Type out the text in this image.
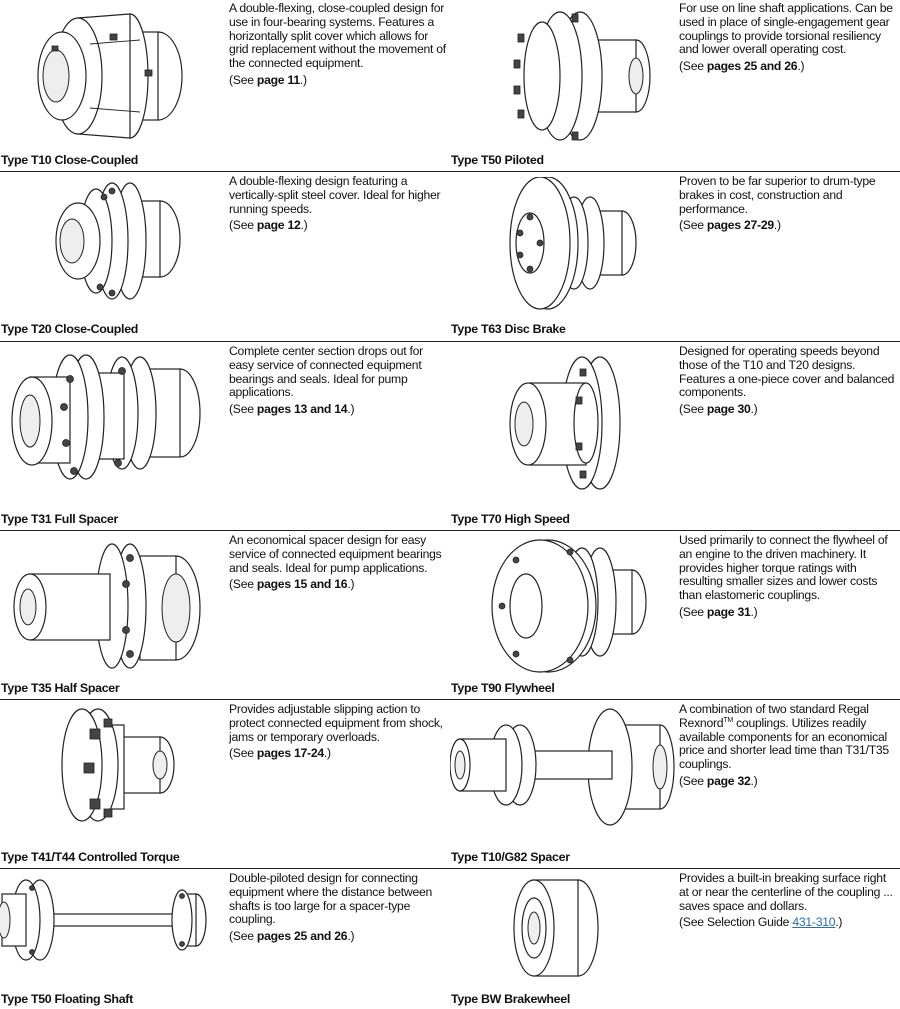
A double-flexing, close-coupled design for use in four-bearing systems. Features a horizontally split cover which allows for grid replacement without the movement of the connected equipment.

(See page 11.)

Type T10 Close-Coupled

A double-flexing design featuring a vertically-split steel cover. Ideal for higher running speeds.

(See page 12.)

Type T20 Close-Coupled

Complete center section drops out for easy service of connected equipment bearings and seals. Ideal for pump applications.

(See pages 13 and 14.)

Type T31 Full Spacer

An economical spacer design for easy service of connected equipment bearings and seals. Ideal for pump applications.

(See pages 15 and 16.)

Type T35 Half Spacer

Provides adjustable slipping action to protect connected equipment from shock, jams or temporary overloads.

(See pages 17-24.)

Type T41/T44 Controlled Torque

Double-piloted design for connecting equipment where the distance between shafts is too large for a spacer-type coupling.

(See pages 25 and 26.)

Type T50 Floating Shaft

For use on line shaft applications. Can be used in place of single-engagement gear couplings to provide torsional resiliency and lower overall operating cost.

(See pages 25 and 26.)

Type T50 Piloted

Proven to be far superior to drum-type brakes in cost, construction and performance.

(See pages 27-29.)

Type T63 Disc Brake

Designed for operating speeds beyond those of the T10 and T20 designs. Features a one-piece cover and balanced components.

(See page 30.)

Type T70 High Speed

Used primarily to connect the flywheel of an engine to the driven machinery. It provides higher torque ratings with resulting smaller sizes and lower costs than elastomeric couplings.

(See page 31.)

Type T90 Flywheel

A combination of two standard Regal Rexnord™ couplings. Utilizes readily available components for an economical price and shorter lead time than T31/T35 couplings.

(See page 32.)

Type T10/G82 Spacer

Provides a built-in breaking surface right at or near the centerline of the coupling ... saves space and dollars.

(See Selection Guide 431-310.)

Type BW Brakewheel
